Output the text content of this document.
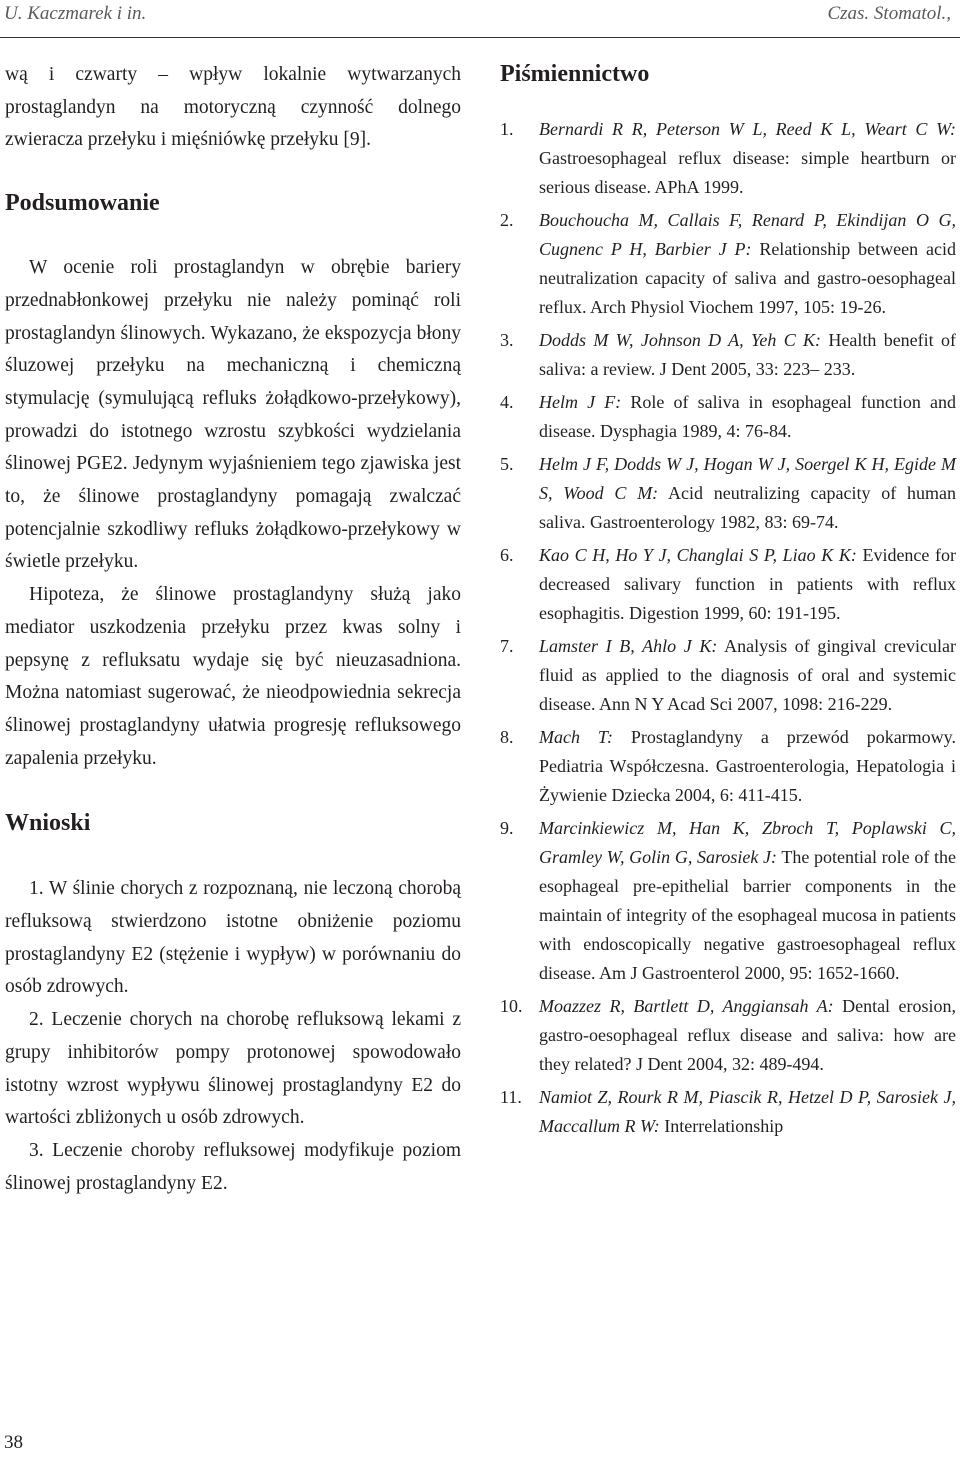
U. Kaczmarek i in.	Czas. Stomatol.,

wą i czwarty – wpływ lokalnie wytwarzanych prostaglandyn na motoryczną czynność dolnego zwieracza przełyku i mięśniówkę przełyku [9].

Podsumowanie

W ocenie roli prostaglandyn w obrębie bariery przednabłonkowej przełyku nie należy pominąć roli prostaglandyn ślinowych. Wykazano, że ekspozycja błony śluzowej przełyku na mechaniczną i chemiczną stymulację (symulującą refluks żołądkowo-przełykowy), prowadzi do istotnego wzrostu szybkości wydzielania ślinowej PGE2. Jedynym wyjaśnieniem tego zjawiska jest to, że ślinowe prostaglandyny pomagają zwalczać potencjalnie szkodliwy refluks żołądkowo-przełykowy w świetle przełyku.

Hipoteza, że ślinowe prostaglandyny służą jako mediator uszkodzenia przełyku przez kwas solny i pepsynę z refluksatu wydaje się być nieuzasadniona. Można natomiast sugerować, że nieodpowiednia sekrecja ślinowej prostaglandyny ułatwia progresję refluksowego zapalenia przełyku.

Wnioski

1. W ślinie chorych z rozpoznaną, nie leczoną chorobą refluksową stwierdzono istotne obniżenie poziomu prostaglandyny E2 (stężenie i wypływ) w porównaniu do osób zdrowych.

2. Leczenie chorych na chorobę refluksową lekami z grupy inhibitorów pompy protonowej spowodowało istotny wzrost wypływu ślinowej prostaglandyny E2 do wartości zbliżonych u osób zdrowych.

3. Leczenie choroby refluksowej modyfikuje poziom ślinowej prostaglandyny E2.

Piśmiennictwo
1.	Bernardi R R, Peterson W L, Reed K L, Weart C W: Gastroesophageal reflux disease: simple heartburn or serious disease. APhA 1999.
2.	Bouchoucha M, Callais F, Renard P, Ekindijan O G, Cugnenc P H, Barbier J P: Relationship between acid neutralization capacity of saliva and gastro-oesophageal reflux. Arch Physiol Viochem 1997, 105: 19-26.
3.	Dodds M W, Johnson D A, Yeh C K: Health benefit of saliva: a review. J Dent 2005, 33: 223– 233.
4.	Helm J F: Role of saliva in esophageal function and disease. Dysphagia 1989, 4: 76-84.
5.	Helm J F, Dodds W J, Hogan W J, Soergel K H, Egide M S, Wood C M: Acid neutralizing capacity of human saliva. Gastroenterology 1982, 83: 69-74.
6.	Kao C H, Ho Y J, Changlai S P, Liao K K: Evidence for decreased salivary function in patients with reflux esophagitis. Digestion 1999, 60: 191-195.
7.	Lamster I B, Ahlo J K: Analysis of gingival crevicular fluid as applied to the diagnosis of oral and systemic disease. Ann N Y Acad Sci 2007, 1098: 216-229.
8.	Mach T: Prostaglandyny a przewód pokarmowy. Pediatria Współczesna. Gastroenterologia, Hepatologia i Żywienie Dziecka 2004, 6: 411-415.
9.	Marcinkiewicz M, Han K, Zbroch T, Poplawski C, Gramley W, Golin G, Sarosiek J: The potential role of the esophageal pre-epithelial barrier components in the maintain of integrity of the esophageal mucosa in patients with endoscopically negative gastroesophageal reflux disease. Am J Gastroenterol 2000, 95: 1652-1660.
10. Moazzez R, Bartlett D, Anggiansah A: Dental erosion, gastro-oesophageal reflux disease and saliva: how are they related? J Dent 2004, 32: 489-494.
11. Namiot Z, Rourk R M, Piascik R, Hetzel D P, Sarosiek J, Maccallum R W: Interrelationship
38
